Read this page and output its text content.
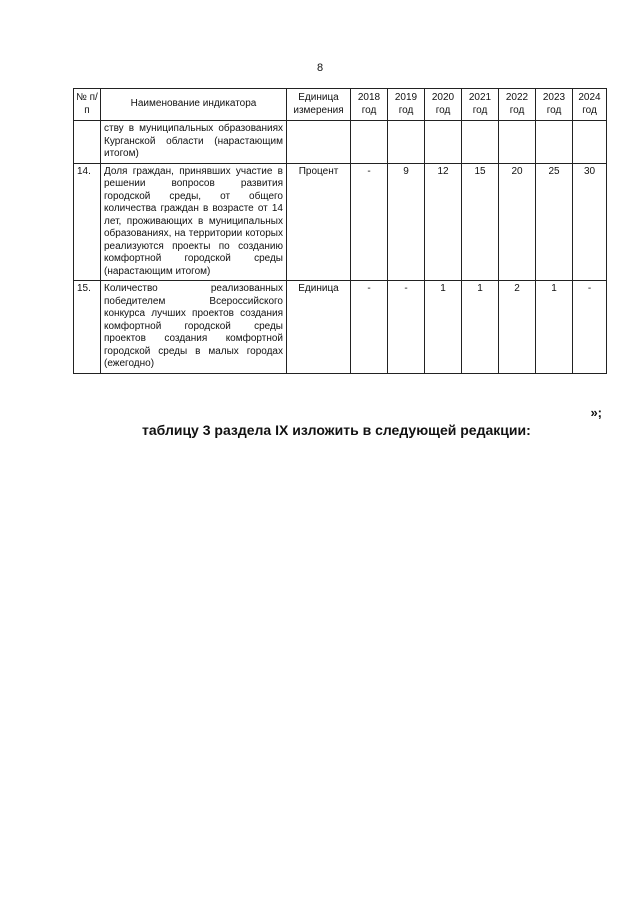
8
№ п/п	Наименование индикатора	Единица измерения	2018 год	2019 год	2020 год	2021 год	2022 год	2023 год	2024 год
	ству в муниципальных образованиях Курганской области (нарастающим итогом)								
14.	Доля граждан, принявших участие в решении вопросов развития городской среды, от общего количества граждан в возрасте от 14 лет, проживающих в муниципальных образованиях, на территории которых реализуются проекты по созданию комфортной городской среды (нарастающим итогом)	Процент	-	9	12	15	20	25	30
15.	Количество реализованных победителем Всероссийского конкурса лучших проектов создания комфортной городской среды проектов создания комфортной городской среды в малых городах (ежегодно)	Единица	-	-	1	1	2	1	-
»;
таблицу 3 раздела IX изложить в следующей редакции:
